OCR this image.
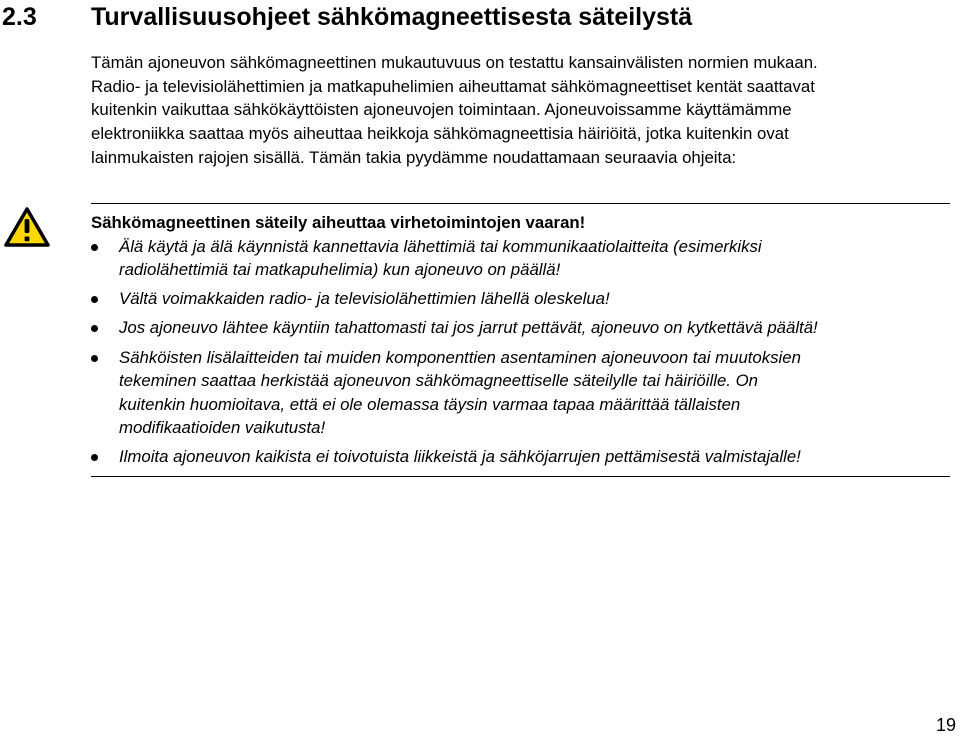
2.3 Turvallisuusohjeet sähkömagneettisesta säteilystä
Tämän ajoneuvon sähkömagneettinen mukautuvuus on testattu kansainvälisten normien mukaan.
Radio- ja televisiolähettimien ja matkapuhelimien aiheuttamat sähkömagneettiset kentät saattavat
kuitenkin vaikuttaa sähkökäyttöisten ajoneuvojen toimintaan. Ajoneuvoissamme käyttämämme
elektroniikka saattaa myös aiheuttaa heikkoja sähkömagneettisia häiriöitä, jotka kuitenkin ovat
lainmukaisten rajojen sisällä. Tämän takia pyydämme noudattamaan seuraavia ohjeita:
Sähkömagneettinen säteily aiheuttaa virhetoimintojen vaaran!
Älä käytä ja älä käynnistä kannettavia lähettimiä tai kommunikaatiolaitteita (esimerkiksi
radiolähettimiä tai matkapuhelimia) kun ajoneuvo on päällä!
Vältä voimakkaiden radio- ja televisiolähettimien lähellä oleskelua!
Jos ajoneuvo lähtee käyntiin tahattomasti tai jos jarrut pettävät, ajoneuvo on kytkettävä päältä!
Sähköisten lisälaitteiden tai muiden komponenttien asentaminen ajoneuvoon tai muutoksien
tekeminen saattaa herkistää ajoneuvon sähkömagneettiselle säteilylle tai häiriöille. On
kuitenkin huomioitava, että ei ole olemassa täysin varmaa tapaa määrittää tällaisten
modifikaatioiden vaikutusta!
Ilmoita ajoneuvon kaikista ei toivotuista liikkeistä ja sähköjarrujen pettämisestä valmistajalle!
19
